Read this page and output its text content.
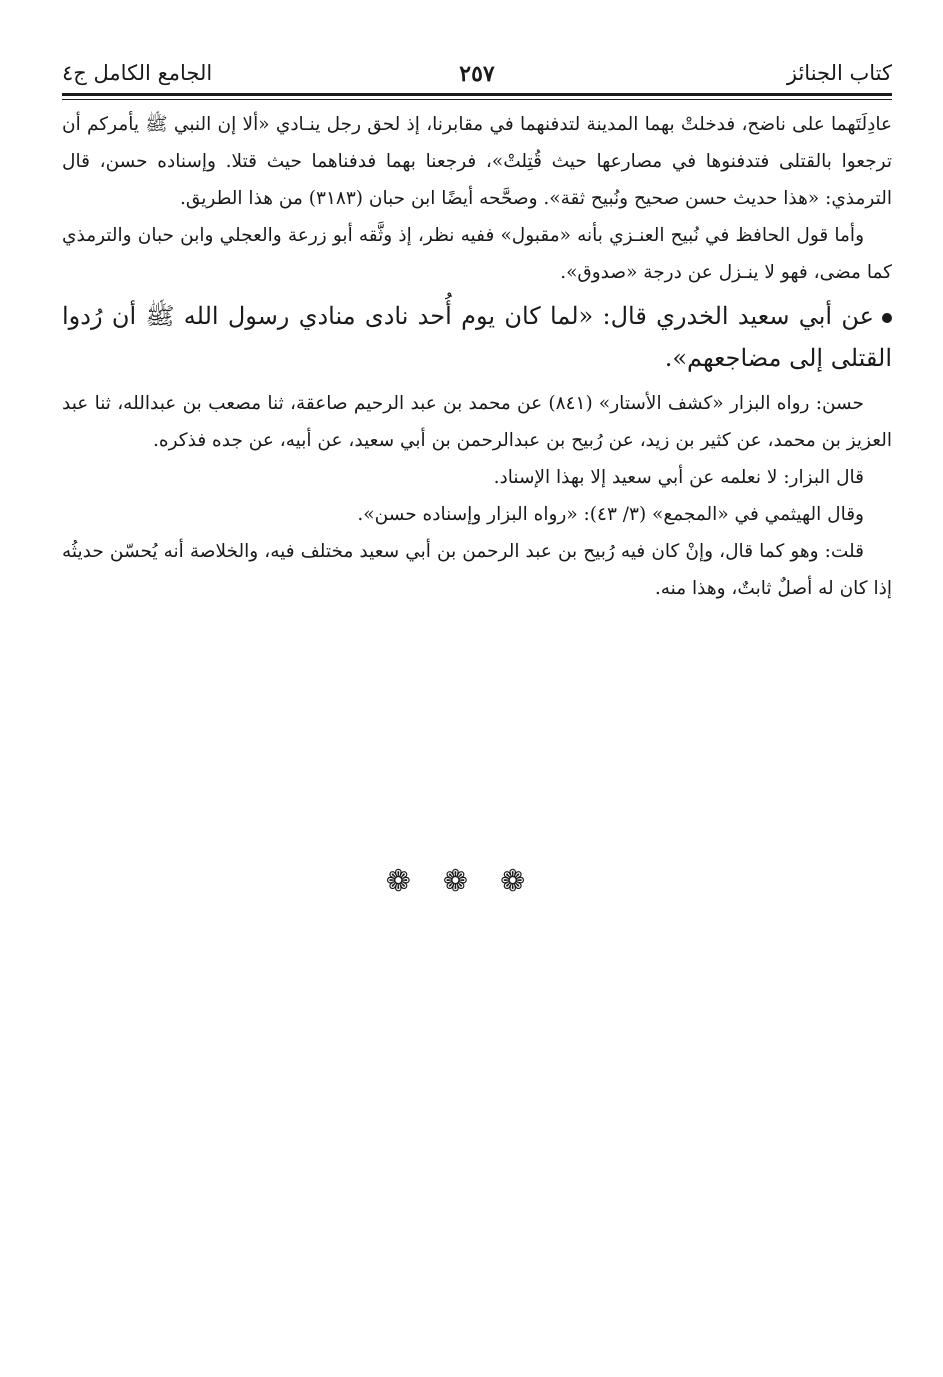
كتاب الجنائز
٢٥٧
الجامع الكامل ج٤

عادِلَتَهما على ناضح، فدخلتْ بهما المدينة لتدفنهما في مقابرنا، إذ لحق رجل ينـادي «ألا إن النبي ﷺ يأمركم أن ترجعوا بالقتلى فتدفنوها في مصارعها حيث قُتِلتْ»، فرجعنا بهما فدفناهما حيث قتلا. وإسناده حسن، قال الترمذي: «هذا حديث حسن صحيح ونُبيح ثقة». وصحَّحه أيضًا ابن حبان (٣١٨٣) من هذا الطريق.

وأما قول الحافظ في نُبيح العنـزي بأنه «مقبول» ففيه نظر، إذ وثَّقه أبو زرعة والعجلي وابن حبان والترمذي كما مضى، فهو لا ينـزل عن درجة «صدوق».

عن أبي سعيد الخدري قال: «لما كان يوم أُحد نادى منادي رسول الله ﷺ أن رُدوا القتلى إلى مضاجعهم».

حسن: رواه البزار «كشف الأستار» (٨٤١) عن محمد بن عبد الرحيم صاعقة، ثنا مصعب بن عبدالله، ثنا عبد العزيز بن محمد، عن كثير بن زيد، عن رُبيح بن عبدالرحمن بن أبي سعيد، عن أبيه، عن جده فذكره.

قال البزار: لا نعلمه عن أبي سعيد إلا بهذا الإسناد.

وقال الهيثمي في «المجمع» (٣/ ٤٣): «رواه البزار وإسناده حسن».

قلت: وهو كما قال، وإنْ كان فيه رُبيح بن عبد الرحمن بن أبي سعيد مختلف فيه، والخلاصة أنه يُحسّن حديثُه إذا كان له أصلٌ ثابتٌ، وهذا منه.

❁❁❁
